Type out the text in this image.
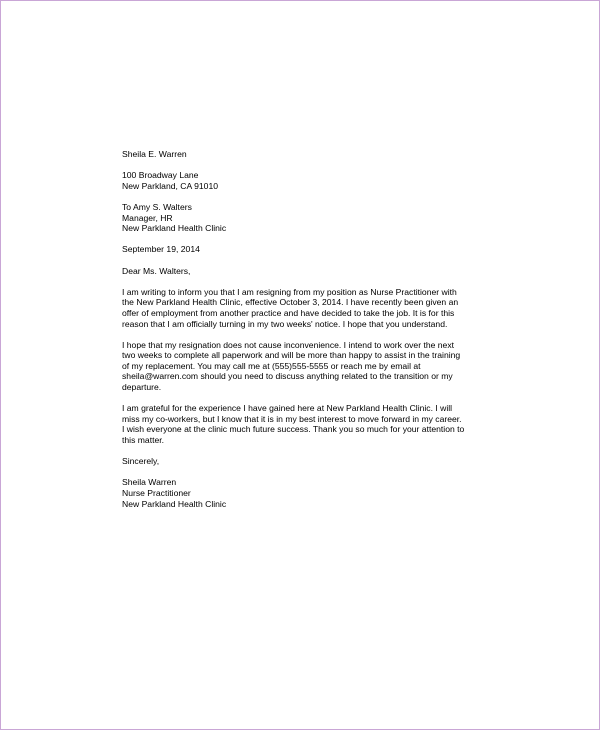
Sheila E. Warren
100 Broadway Lane
New Parkland, CA 91010
To Amy S. Walters
Manager, HR
New Parkland Health Clinic
September 19, 2014
Dear Ms. Walters,
I am writing to inform you that I am resigning from my position as Nurse Practitioner with
the New Parkland Health Clinic, effective October 3, 2014. I have recently been given an
offer of employment from another practice and have decided to take the job. It is for this
reason that I am officially turning in my two weeks' notice. I hope that you understand.
I hope that my resignation does not cause inconvenience. I intend to work over the next
two weeks to complete all paperwork and will be more than happy to assist in the training
of my replacement. You may call me at (555)555-5555 or reach me by email at
sheila@warren.com should you need to discuss anything related to the transition or my
departure.
I am grateful for the experience I have gained here at New Parkland Health Clinic. I will
miss my co-workers, but I know that it is in my best interest to move forward in my career.
I wish everyone at the clinic much future success. Thank you so much for your attention to
this matter.
Sincerely,
Sheila Warren
Nurse Practitioner
New Parkland Health Clinic
